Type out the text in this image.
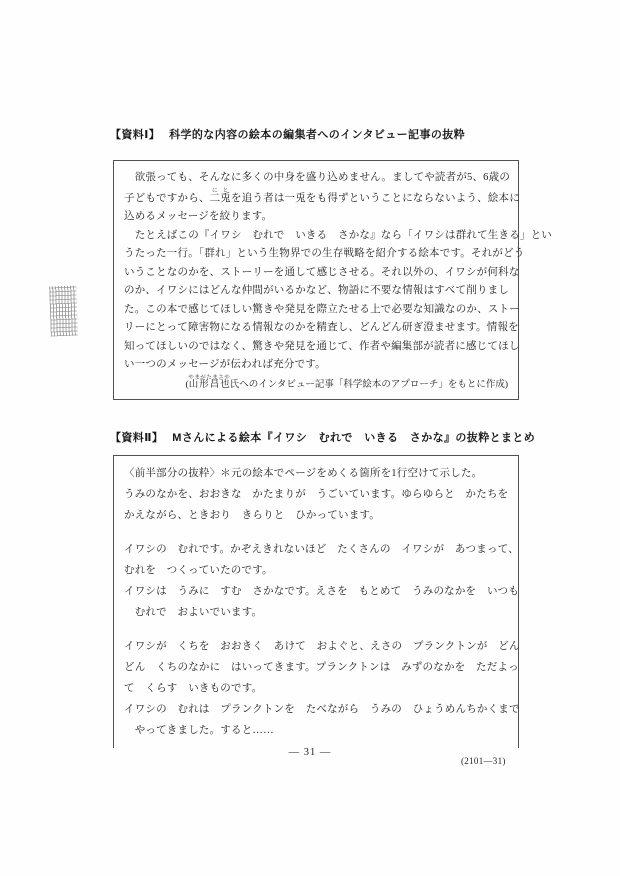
【資料Ⅰ】 科学的な内容の絵本の編集者へのインタビュー記事の抜粋
　欲張っても、そんなに多くの中身を盛り込めません。ましてや読者が5、6歳の
子どもですから、二兎にとを追う者は一兎をも得ずということにならないよう、絵本に
込めるメッセージを絞ります。
　たとえばこの『イワシ　むれで　いきる　さかな』なら「イワシは群れて生きる」とい
うたった一行。「群れ」という生物界での生存戦略を紹介する絵本です。それがどう
いうことなのかを、ストーリーを通して感じさせる。それ以外の、イワシが何科な
のか、イワシにはどんな仲間がいるかなど、物語に不要な情報はすべて削りまし
た。この本で感じてほしい驚きや発見を際立たせる上で必要な知識なのか、ストー
リーにとって障害物になる情報なのかを精査し、どんどん研ぎ澄ませます。情報を
知ってほしいのではなく、驚きや発見を通じて、作者や編集部が読者に感じてほし
い一つのメッセージが伝われば充分です。
(山形昌也やまがたまさや氏へのインタビュー記事「科学絵本のアプローチ」をもとに作成)
【資料Ⅱ】 Mさんによる絵本『イワシ　むれで　いきる　さかな』の抜粋とまとめ
〈前半部分の抜粋〉＊元の絵本でページをめくる箇所を1行空けて示した。
うみのなかを、おおきな　かたまりが　うごいています。ゆらゆらと　かたちを
かえながら、ときおり　きらりと　ひかっています。
イワシの　むれです。かぞえきれないほど　たくさんの　イワシが　あつまって、
むれを　つくっていたのです。
イワシは　うみに　すむ　さかなです。えさを　もとめて　うみのなかを　いつも
　むれで　およいでいます。
イワシが　くちを　おおきく　あけて　およぐと、えさの　プランクトンが　どん
どん　くちのなかに　はいってきます。プランクトンは　みずのなかを　ただよっ
て　くらす　いきものです。
イワシの　むれは　プランクトンを　たべながら　うみの　ひょうめんちかくまで
　やってきました。すると……
— 31 —
(2101—31)
